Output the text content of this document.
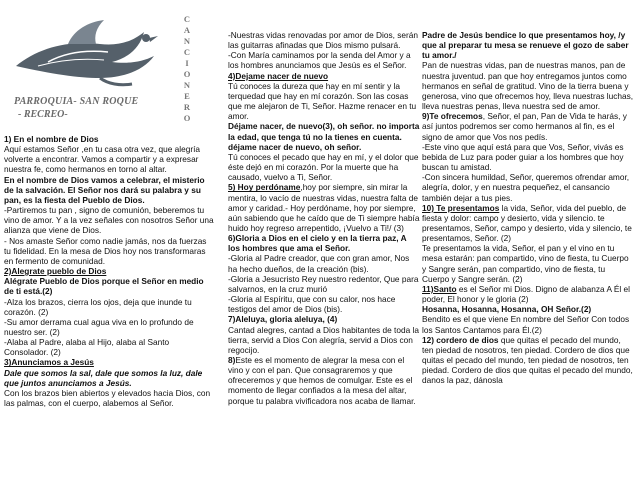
PARROQUIA- SAN ROQUE
- RECREO-
C
A
N
C
I
O
N
E
R
O

1) En el nombre de Dios

Aquí estamos Señor ,en tu casa otra vez, que alegría volverte a encontrar. Vamos a compartir y a expresar nuestra fe, como hermanos en torno al altar.

En el nombre de Dios vamos a celebrar, el misterio de la salvación. El Señor nos dará su palabra y su pan, es la fiesta del Pueblo de Dios.

-Partiremos tu pan , signo de comunión, beberemos tu vino de amor. Y a la vez señales con nosotros Señor una alianza que viene de Dios.

- Nos amaste Señor como nadie jamás, nos da fuerzas tu fidelidad. En la mesa de Dios hoy nos transformaras en fermento de comunidad.

2)Alegrate pueblo de Dios

Alégrate Pueblo de Dios porque el Señor en medio de ti está.(2)

-Alza los brazos, cierra los ojos, deja que inunde tu corazón. (2)

-Su amor derrama cual agua viva en lo profundo de nuestro ser. (2)

-Alaba al Padre, alaba al Hijo, alaba al Santo Consolador. (2)

3)Anunciamos a Jesús

Dale que somos la sal, dale que somos la luz, dale que juntos anunciamos a Jesús.

Con los brazos bien abiertos y elevados hacia Dios, con las palmas, con el cuerpo, alabemos al Señor.

-Nuestras vidas renovadas por amor de Dios, serán las guitarras afinadas que Dios mismo pulsará.

-Con María caminamos por la senda del Amor y a los hombres anunciamos que Jesús es el Señor.

4)Dejame nacer de nuevo

Tú conoces la dureza que hay en mí sentir y la terquedad que hay en mí corazón. Son las cosas que me alejaron de Ti, Señor. Hazme renacer en tu amor.

Déjame nacer, de nuevo(3), oh señor. no importa la edad, que tenga tú no la tienes en cuenta. déjame nacer de nuevo, oh señor.

Tú conoces el pecado que hay en mí, y el dolor que éste dejó en mi corazón. Por la muerte que ha causado, vuelvo a Ti, Señor.

5) Hoy perdóname,hoy por siempre, sin mirar la mentira, lo vacío de nuestras vidas, nuestra falta de amor y caridad.- Hoy perdóname, hoy por siempre, aún sabiendo que he caído que de Ti siempre había huido hoy regreso arrepentido, ¡Vuelvo a Ti!/ (3)

6)Gloria a Dios en el cielo y en la tierra paz, A los hombres que ama el Señor.

-Gloria al Padre creador, que con gran amor, Nos ha hecho dueños, de la creación (bis).

-Gloria a Jesucristo Rey nuestro redentor, Que para salvarnos, en la cruz murió

-Gloria al Espíritu, que con su calor, nos hace testigos del amor de Dios (bis).

7)Aleluya, gloria aleluya, (4)

Cantad alegres, cantad a Dios habitantes de toda la tierra, servid a Dios Con alegría, servid a Dios con regocijo.

8)Este es el momento de alegrar la mesa con el vino y con el pan. Que consagraremos y que ofreceremos y que hemos de comulgar. Este es el momento de llegar confiados a la mesa del altar, porque tu palabra vivificadora nos acaba de llamar.

Padre de Jesús bendice lo que presentamos hoy, /y que al preparar tu mesa se renueve el gozo de saber tu amor./

Pan de nuestras vidas, pan de nuestras manos, pan de nuestra juventud. pan que hoy entregamos juntos como hermanos en señal de gratitud. Vino de la tierra buena y generosa, vino que ofrecemos hoy, lleva nuestras luchas, lleva nuestras penas, lleva nuestra sed de amor.

9)Te ofrecemos, Señor, el pan, Pan de Vida te harás, y así juntos podremos ser como hermanos al fin, es el signo de amor que Vos nos pedís.

-Este vino que aquí está para que Vos, Señor, vivás es bebida de Luz para poder guiar a los hombres que hoy buscan tu amistad.

-Con sincera humildad, Señor, queremos ofrendar amor, alegría, dolor, y en nuestra pequeñez, el cansancio también dejar a tus pies.

10) Te presentamos la vida, Señor, vida del pueblo, de fiesta y dolor: campo y desierto, vida y silencio. te presentamos, Señor, campo y desierto, vida y silencio, te presentamos, Señor. (2)

Te presentamos la vida, Señor, el pan y el vino en tu mesa estarán: pan compartido, vino de fiesta, tu Cuerpo y Sangre serán, pan compartido, vino de fiesta, tu Cuerpo y Sangre serán. (2)

11)Santo es el Señor mi Dios. Digno de alabanza A Él el poder, El honor y le gloria (2)

Hosanna, Hosanna, Hosanna, OH Señor.(2)

Bendito es el que viene En nombre del Señor Con todos los Santos Cantamos para Él.(2)

12) cordero de dios que quitas el pecado del mundo, ten piedad de nosotros, ten piedad. Cordero de dios que quitas el pecado del mundo, ten piedad de nosotros, ten piedad. Cordero de dios que quitas el pecado del mundo, danos la paz, dánosla
